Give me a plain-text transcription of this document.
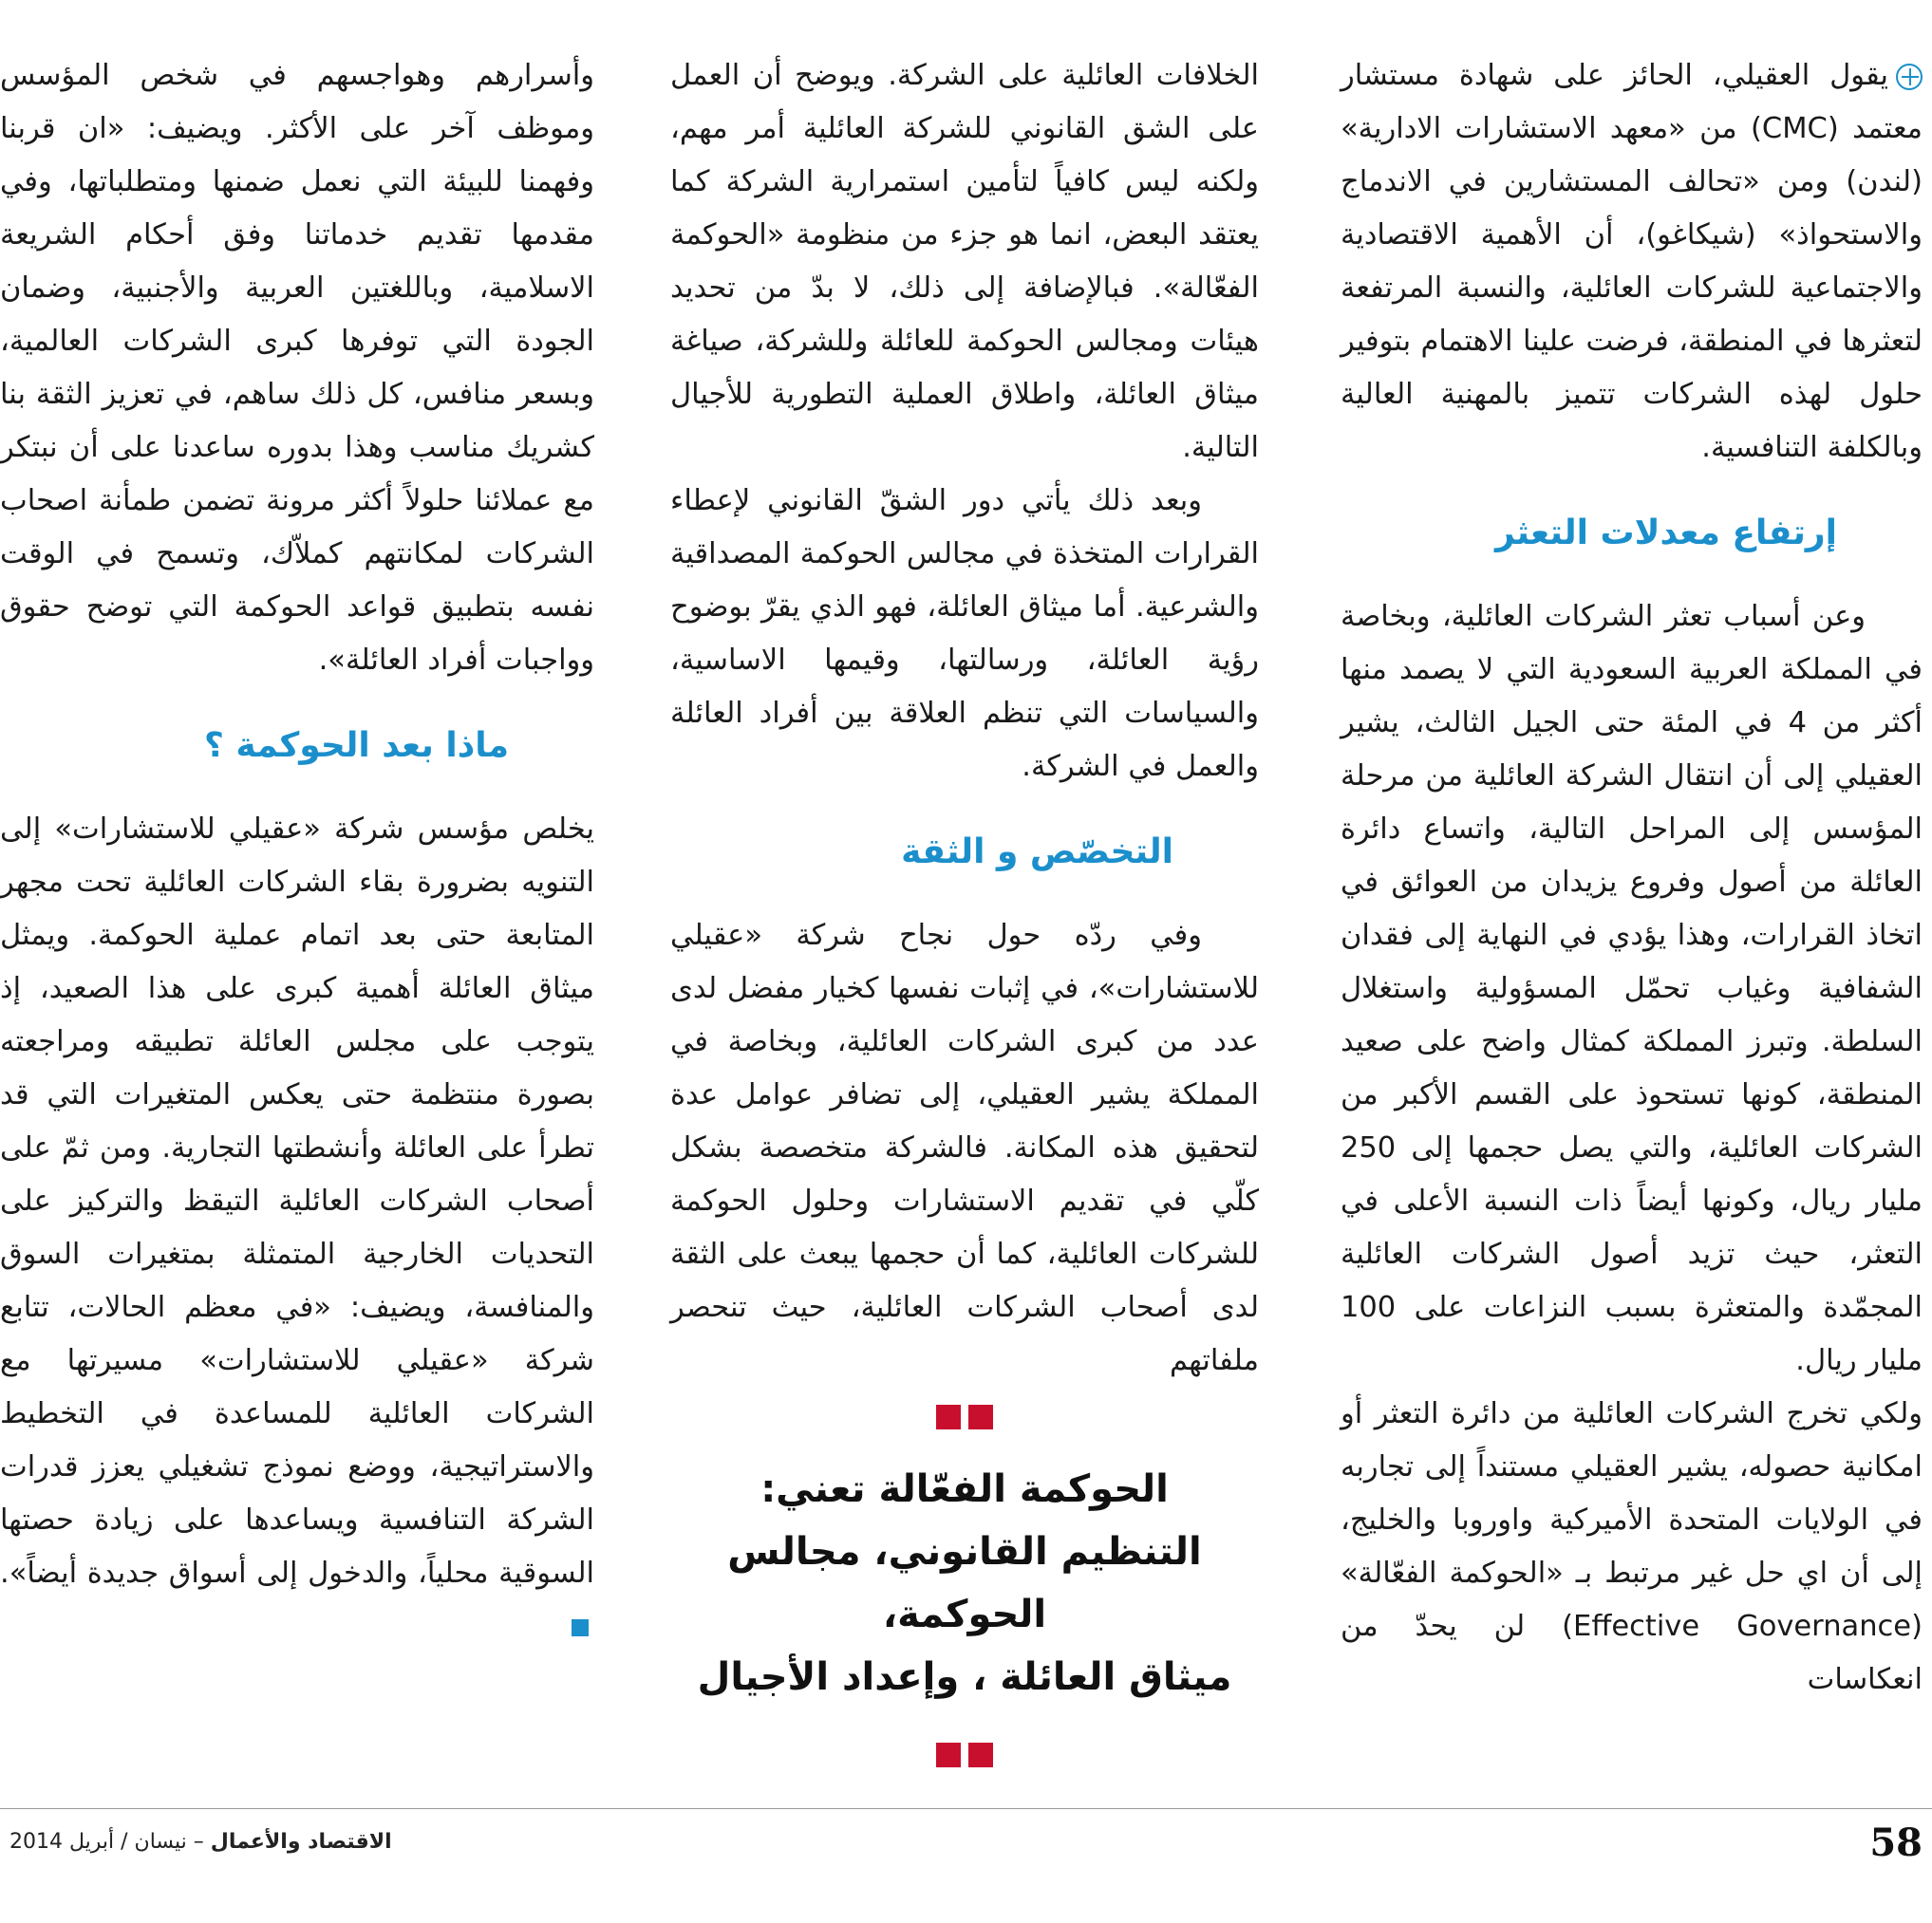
يقول العقيلي، الحائز على شهادة مستشار معتمد (CMC) من «معهد الاستشارات الادارية» (لندن) ومن «تحالف المستشارين في الاندماج والاستحواذ» (شيكاغو)، أن الأهمية الاقتصادية والاجتماعية للشركات العائلية، والنسبة المرتفعة لتعثرها في المنطقة، فرضت علينا الاهتمام بتوفير حلول لهذه الشركات تتميز بالمهنية العالية وبالكلفة التنافسية.

إرتفاع معدلات التعثر

وعن أسباب تعثر الشركات العائلية، وبخاصة في المملكة العربية السعودية التي لا يصمد منها أكثر من 4 في المئة حتى الجيل الثالث، يشير العقيلي إلى أن انتقال الشركة العائلية من مرحلة المؤسس إلى المراحل التالية، واتساع دائرة العائلة من أصول وفروع يزيدان من العوائق في اتخاذ القرارات، وهذا يؤدي في النهاية إلى فقدان الشفافية وغياب تحمّل المسؤولية واستغلال السلطة. وتبرز المملكة كمثال واضح على صعيد المنطقة، كونها تستحوذ على القسم الأكبر من الشركات العائلية، والتي يصل حجمها إلى 250 مليار ريال، وكونها أيضاً ذات النسبة الأعلى في التعثر، حيث تزيد أصول الشركات العائلية المجمّدة والمتعثرة بسبب النزاعات على 100 مليار ريال.

ولكي تخرج الشركات العائلية من دائرة التعثر أو امكانية حصوله، يشير العقيلي مستنداً إلى تجاربه في الولايات المتحدة الأميركية واوروبا والخليج، إلى أن اي حل غير مرتبط بـ «الحوكمة الفعّالة» (Effective Governance) لن يحدّ من انعكاسات

الخلافات العائلية على الشركة. ويوضح أن العمل على الشق القانوني للشركة العائلية أمر مهم، ولكنه ليس كافياً لتأمين استمرارية الشركة كما يعتقد البعض، انما هو جزء من منظومة «الحوكمة الفعّالة». فبالإضافة إلى ذلك، لا بدّ من تحديد هيئات ومجالس الحوكمة للعائلة وللشركة، صياغة ميثاق العائلة، واطلاق العملية التطورية للأجيال التالية.

وبعد ذلك يأتي دور الشقّ القانوني لإعطاء القرارات المتخذة في مجالس الحوكمة المصداقية والشرعية. أما ميثاق العائلة، فهو الذي يقرّ بوضوح رؤية العائلة، ورسالتها، وقيمها الاساسية، والسياسات التي تنظم العلاقة بين أفراد العائلة والعمل في الشركة.

التخصّص و الثقة

وفي ردّه حول نجاح شركة «عقيلي للاستشارات»، في إثبات نفسها كخيار مفضل لدى عدد من كبرى الشركات العائلية، وبخاصة في المملكة يشير العقيلي، إلى تضافر عوامل عدة لتحقيق هذه المكانة. فالشركة متخصصة بشكل كلّي في تقديم الاستشارات وحلول الحوكمة للشركات العائلية، كما أن حجمها يبعث على الثقة لدى أصحاب الشركات العائلية، حيث تنحصر ملفاتهم

وأسرارهم وهواجسهم في شخص المؤسس وموظف آخر على الأكثر. ويضيف: «ان قربنا وفهمنا للبيئة التي نعمل ضمنها ومتطلباتها، وفي مقدمها تقديم خدماتنا وفق أحكام الشريعة الاسلامية، وباللغتين العربية والأجنبية، وضمان الجودة التي توفرها كبرى الشركات العالمية، وبسعر منافس، كل ذلك ساهم، في تعزيز الثقة بنا كشريك مناسب وهذا بدوره ساعدنا على أن نبتكر مع عملائنا حلولاً أكثر مرونة تضمن طمأنة اصحاب الشركات لمكانتهم كملاّك، وتسمح في الوقت نفسه بتطبيق قواعد الحوكمة التي توضح حقوق وواجبات أفراد العائلة».

ماذا بعد الحوكمة ؟

يخلص مؤسس شركة «عقيلي للاستشارات» إلى التنويه بضرورة بقاء الشركات العائلية تحت مجهر المتابعة حتى بعد اتمام عملية الحوكمة. ويمثل ميثاق العائلة أهمية كبرى على هذا الصعيد، إذ يتوجب على مجلس العائلة تطبيقه ومراجعته بصورة منتظمة حتى يعكس المتغيرات التي قد تطرأ على العائلة وأنشطتها التجارية. ومن ثمّ على أصحاب الشركات العائلية التيقظ والتركيز على التحديات الخارجية المتمثلة بمتغيرات السوق والمنافسة، ويضيف: «في معظم الحالات، تتابع شركة «عقيلي للاستشارات» مسيرتها مع الشركات العائلية للمساعدة في التخطيط والاستراتيجية، ووضع نموذج تشغيلي يعزز قدرات الشركة التنافسية ويساعدها على زيادة حصتها السوقية محلياً، والدخول إلى أسواق جديدة أيضاً».

الحوكمة الفعّالة تعني:
التنظيم القانوني، مجالس الحوكمة،
ميثاق العائلة ، وإعداد الأجيال
58
الاقتصاد والأعمال – نيسان / أبريل 2014
